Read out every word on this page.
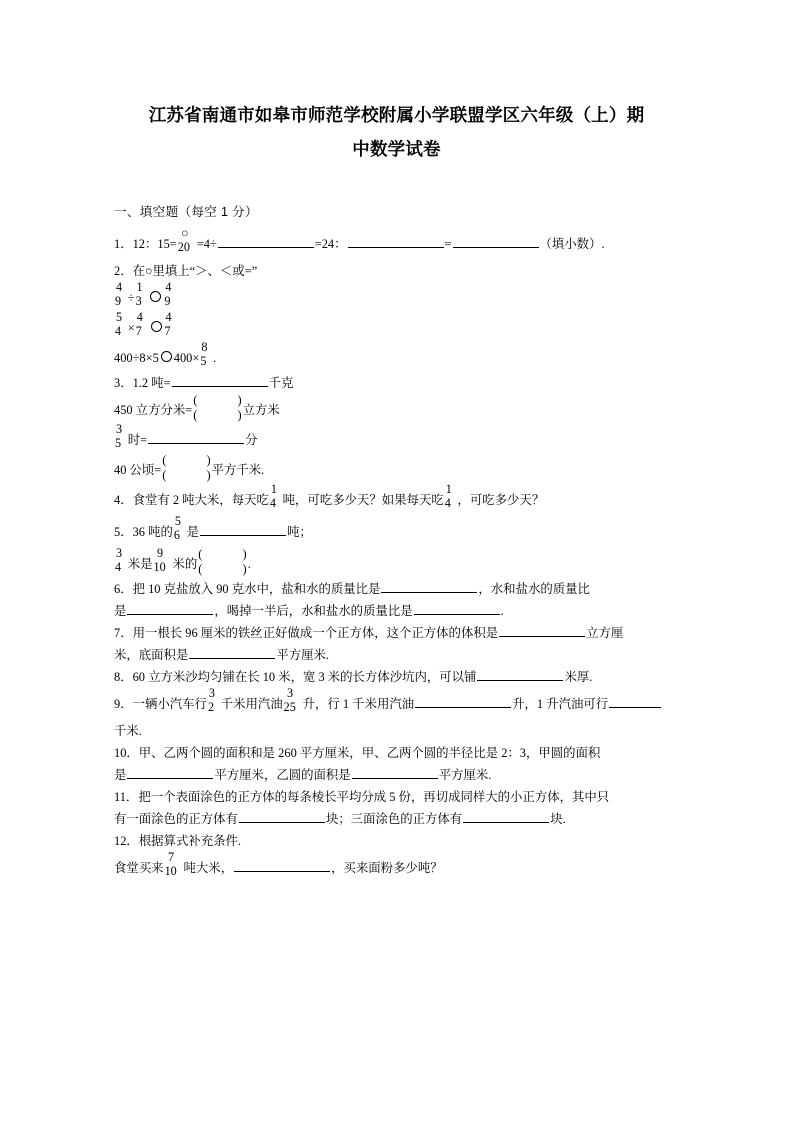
江苏省南通市如皋市师范学校附属小学联盟学区六年级（上）期
中数学试卷

一、填空题（每空 1 分）

1．12：15=
○
20 =4÷	=24：	=	（填小数）.

2．在○里填上“＞、＜或=”

4
9 ÷
1
3
4
9

5
4 ×
4
7
4
7

400÷8×5 400×
8
5 .

3．1.2 吨=	千克

450 立方分米=
(	)
(	) 立方米

3
5 时=	分

40 公顷=
(	)
(	) 平方千米.

4．食堂有 2 吨大米，每天吃
1
4 吨，可吃多少天？如果每天吃
1
4 ，可吃多少天？

5．36 吨的
5
6 是	吨；

3
4 米是
9
10 米的
(	)
(	) .

6．把 10 克盐放入 90 克水中，盐和水的质量比是	，水和盐水的质量比

是	，喝掉一半后，水和盐水的质量比是	.

7．用一根长 96 厘米的铁丝正好做成一个正方体，这个正方体的体积是	立方厘

米，底面积是	平方厘米.

8．60 立方米沙均匀铺在长 10 米，宽 3 米的长方体沙坑内，可以铺	米厚.

9．一辆小汽车行
3
2 千米用汽油
3
25 升，行 1 千米用汽油	升，1 升汽油可行

千米.

10．甲、乙两个圆的面积和是 260 平方厘米，甲、乙两个圆的半径比是 2：3，甲圆的面积

是	平方厘米，乙圆的面积是	平方厘米.

11．把一个表面涂色的正方体的每条棱长平均分成 5 份，再切成同样大的小正方体，其中只

有一面涂色的正方体有	块；三面涂色的正方体有	块.

12．根据算式补充条件.

食堂买来
7
10 吨大米，	，买来面粉多少吨？
